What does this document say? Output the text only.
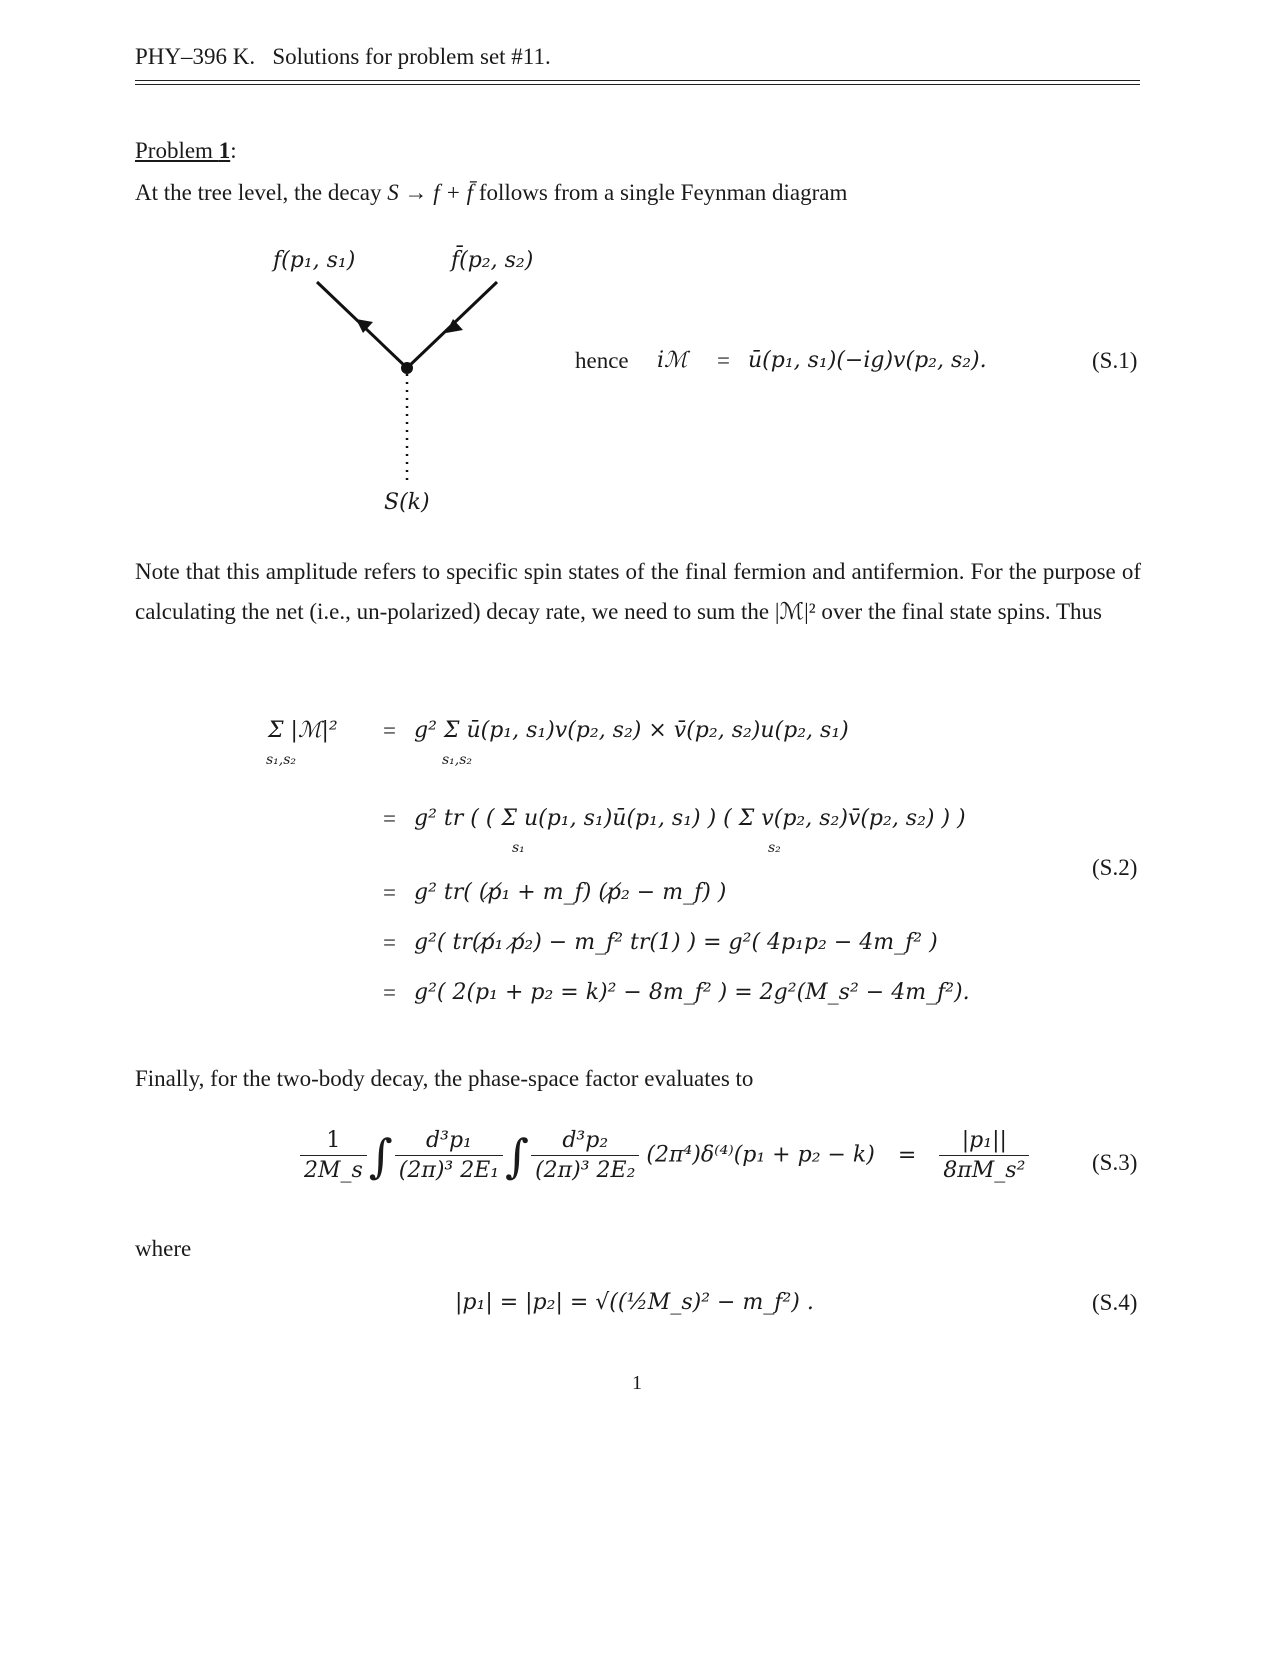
PHY–396 K. Solutions for problem set #11.
Problem 1:
At the tree level, the decay S → f + f̄ follows from a single Feynman diagram
f(p₁, s₁)	f̄(p₂, s₂)
S(k)
hence iℳ = ū(p₁, s₁)(−ig)v(p₂, s₂).	(S.1)
Note that this amplitude refers to specific spin states of the final fermion and antifermion. For the purpose of calculating the net (i.e., un-polarized) decay rate, we need to sum the |ℳ|² over the final state spins. Thus
Σ |ℳ|²
s₁,s₂
= g² Σ ū(p₁, s₁)v(p₂, s₂) × v̄(p₂, s₂)u(p₂, s₁)
s₁,s₂
= g² tr ( ( Σ u(p₁, s₁)ū(p₁, s₁) ) ( Σ v(p₂, s₂)v̄(p₂, s₂) ) )
s₁	s₂
(S.2)
= g² tr( (p̸₁ + m_f) (p̸₂ − m_f) )
= g²( tr(p̸₁ p̸₂) − m_f² tr(1) ) = g²( 4p₁p₂ − 4m_f² )
= g²( 2(p₁ + p₂ = k)² − 8m_f² ) = 2g²(M_s² − 4m_f²).
Finally, for the two-body decay, the phase-space factor evaluates to
$\frac{1}{2M\_s}$ ∫ $\frac{\text{d³p₁}}{\text{(2π)³ 2E₁}}$ ∫ $\frac{\text{d³p₂}}{\text{(2π)³ 2E₂}} (2\pi^4)\delta^{(4)}(p_1 + p_2 - k) = \frac{\text{|p₁||}}{\text{8πM\_s²}}$	(S.3)
where
|p₁| = |p₂| = √((½M_s)² − m_f²) .	(S.4)
1
